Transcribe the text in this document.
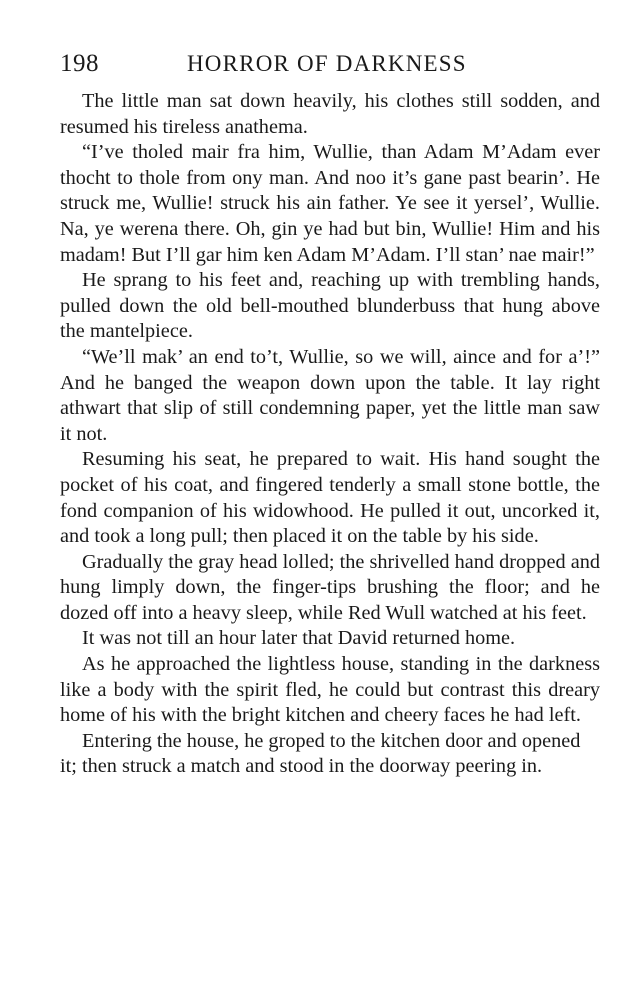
198	HORROR OF DARKNESS

The little man sat down heavily, his clothes still sodden, and resumed his tireless anathema.

“I’ve tholed mair fra him, Wullie, than Adam M’Adam ever thocht to thole from ony man. And noo it’s gane past bearin’. He struck me, Wullie! struck his ain father. Ye see it yersel’, Wullie. Na, ye werena there. Oh, gin ye had but bin, Wullie! Him and his madam! But I’ll gar him ken Adam M’Adam. I’ll stan’ nae mair!”

He sprang to his feet and, reaching up with trembling hands, pulled down the old bell-mouthed blunderbuss that hung above the mantelpiece.

“We’ll mak’ an end to’t, Wullie, so we will, aince and for a’!” And he banged the weapon down upon the table. It lay right athwart that slip of still condemning paper, yet the little man saw it not.

Resuming his seat, he prepared to wait. His hand sought the pocket of his coat, and fingered tenderly a small stone bottle, the fond companion of his widowhood. He pulled it out, uncorked it, and took a long pull; then placed it on the table by his side.

Gradually the gray head lolled; the shrivelled hand dropped and hung limply down, the finger-tips brushing the floor; and he dozed off into a heavy sleep, while Red Wull watched at his feet.

It was not till an hour later that David returned home.

As he approached the lightless house, standing in the darkness like a body with the spirit fled, he could but contrast this dreary home of his with the bright kitchen and cheery faces he had left.

Entering the house, he groped to the kitchen door and opened it; then struck a match and stood in the doorway peering in.
